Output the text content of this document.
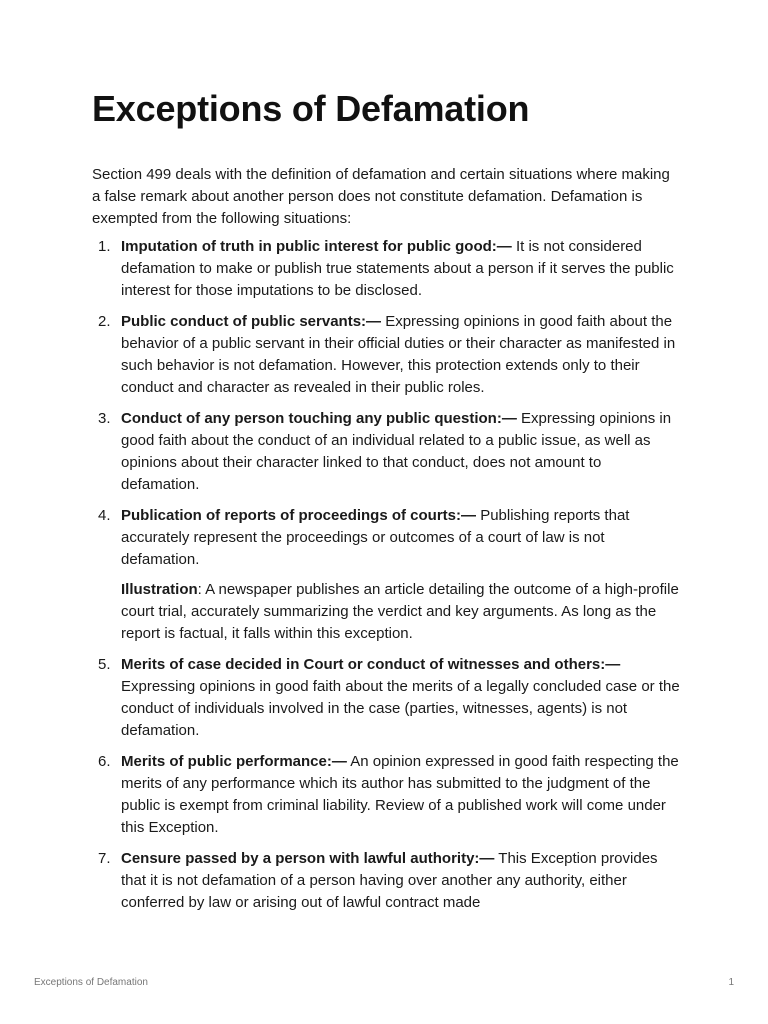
Exceptions of Defamation

Section 499 deals with the definition of defamation and certain situations where making a false remark about another person does not constitute defamation. Defamation is exempted from the following situations:

1. Imputation of truth in public interest for public good:— It is not considered defamation to make or publish true statements about a person if it serves the public interest for those imputations to be disclosed.
2. Public conduct of public servants:— Expressing opinions in good faith about the behavior of a public servant in their official duties or their character as manifested in such behavior is not defamation. However, this protection extends only to their conduct and character as revealed in their public roles.
3. Conduct of any person touching any public question:— Expressing opinions in good faith about the conduct of an individual related to a public issue, as well as opinions about their character linked to that conduct, does not amount to defamation.
4. Publication of reports of proceedings of courts:— Publishing reports that accurately represent the proceedings or outcomes of a court of law is not defamation.
Illustration: A newspaper publishes an article detailing the outcome of a high-profile court trial, accurately summarizing the verdict and key arguments. As long as the report is factual, it falls within this exception.
5. Merits of case decided in Court or conduct of witnesses and others:— Expressing opinions in good faith about the merits of a legally concluded case or the conduct of individuals involved in the case (parties, witnesses, agents) is not defamation.
6. Merits of public performance:— An opinion expressed in good faith respecting the merits of any performance which its author has submitted to the judgment of the public is exempt from criminal liability. Review of a published work will come under this Exception.
7. Censure passed by a person with lawful authority:— This Exception provides that it is not defamation of a person having over another any authority, either conferred by law or arising out of lawful contract made
Exceptions of Defamation	1
